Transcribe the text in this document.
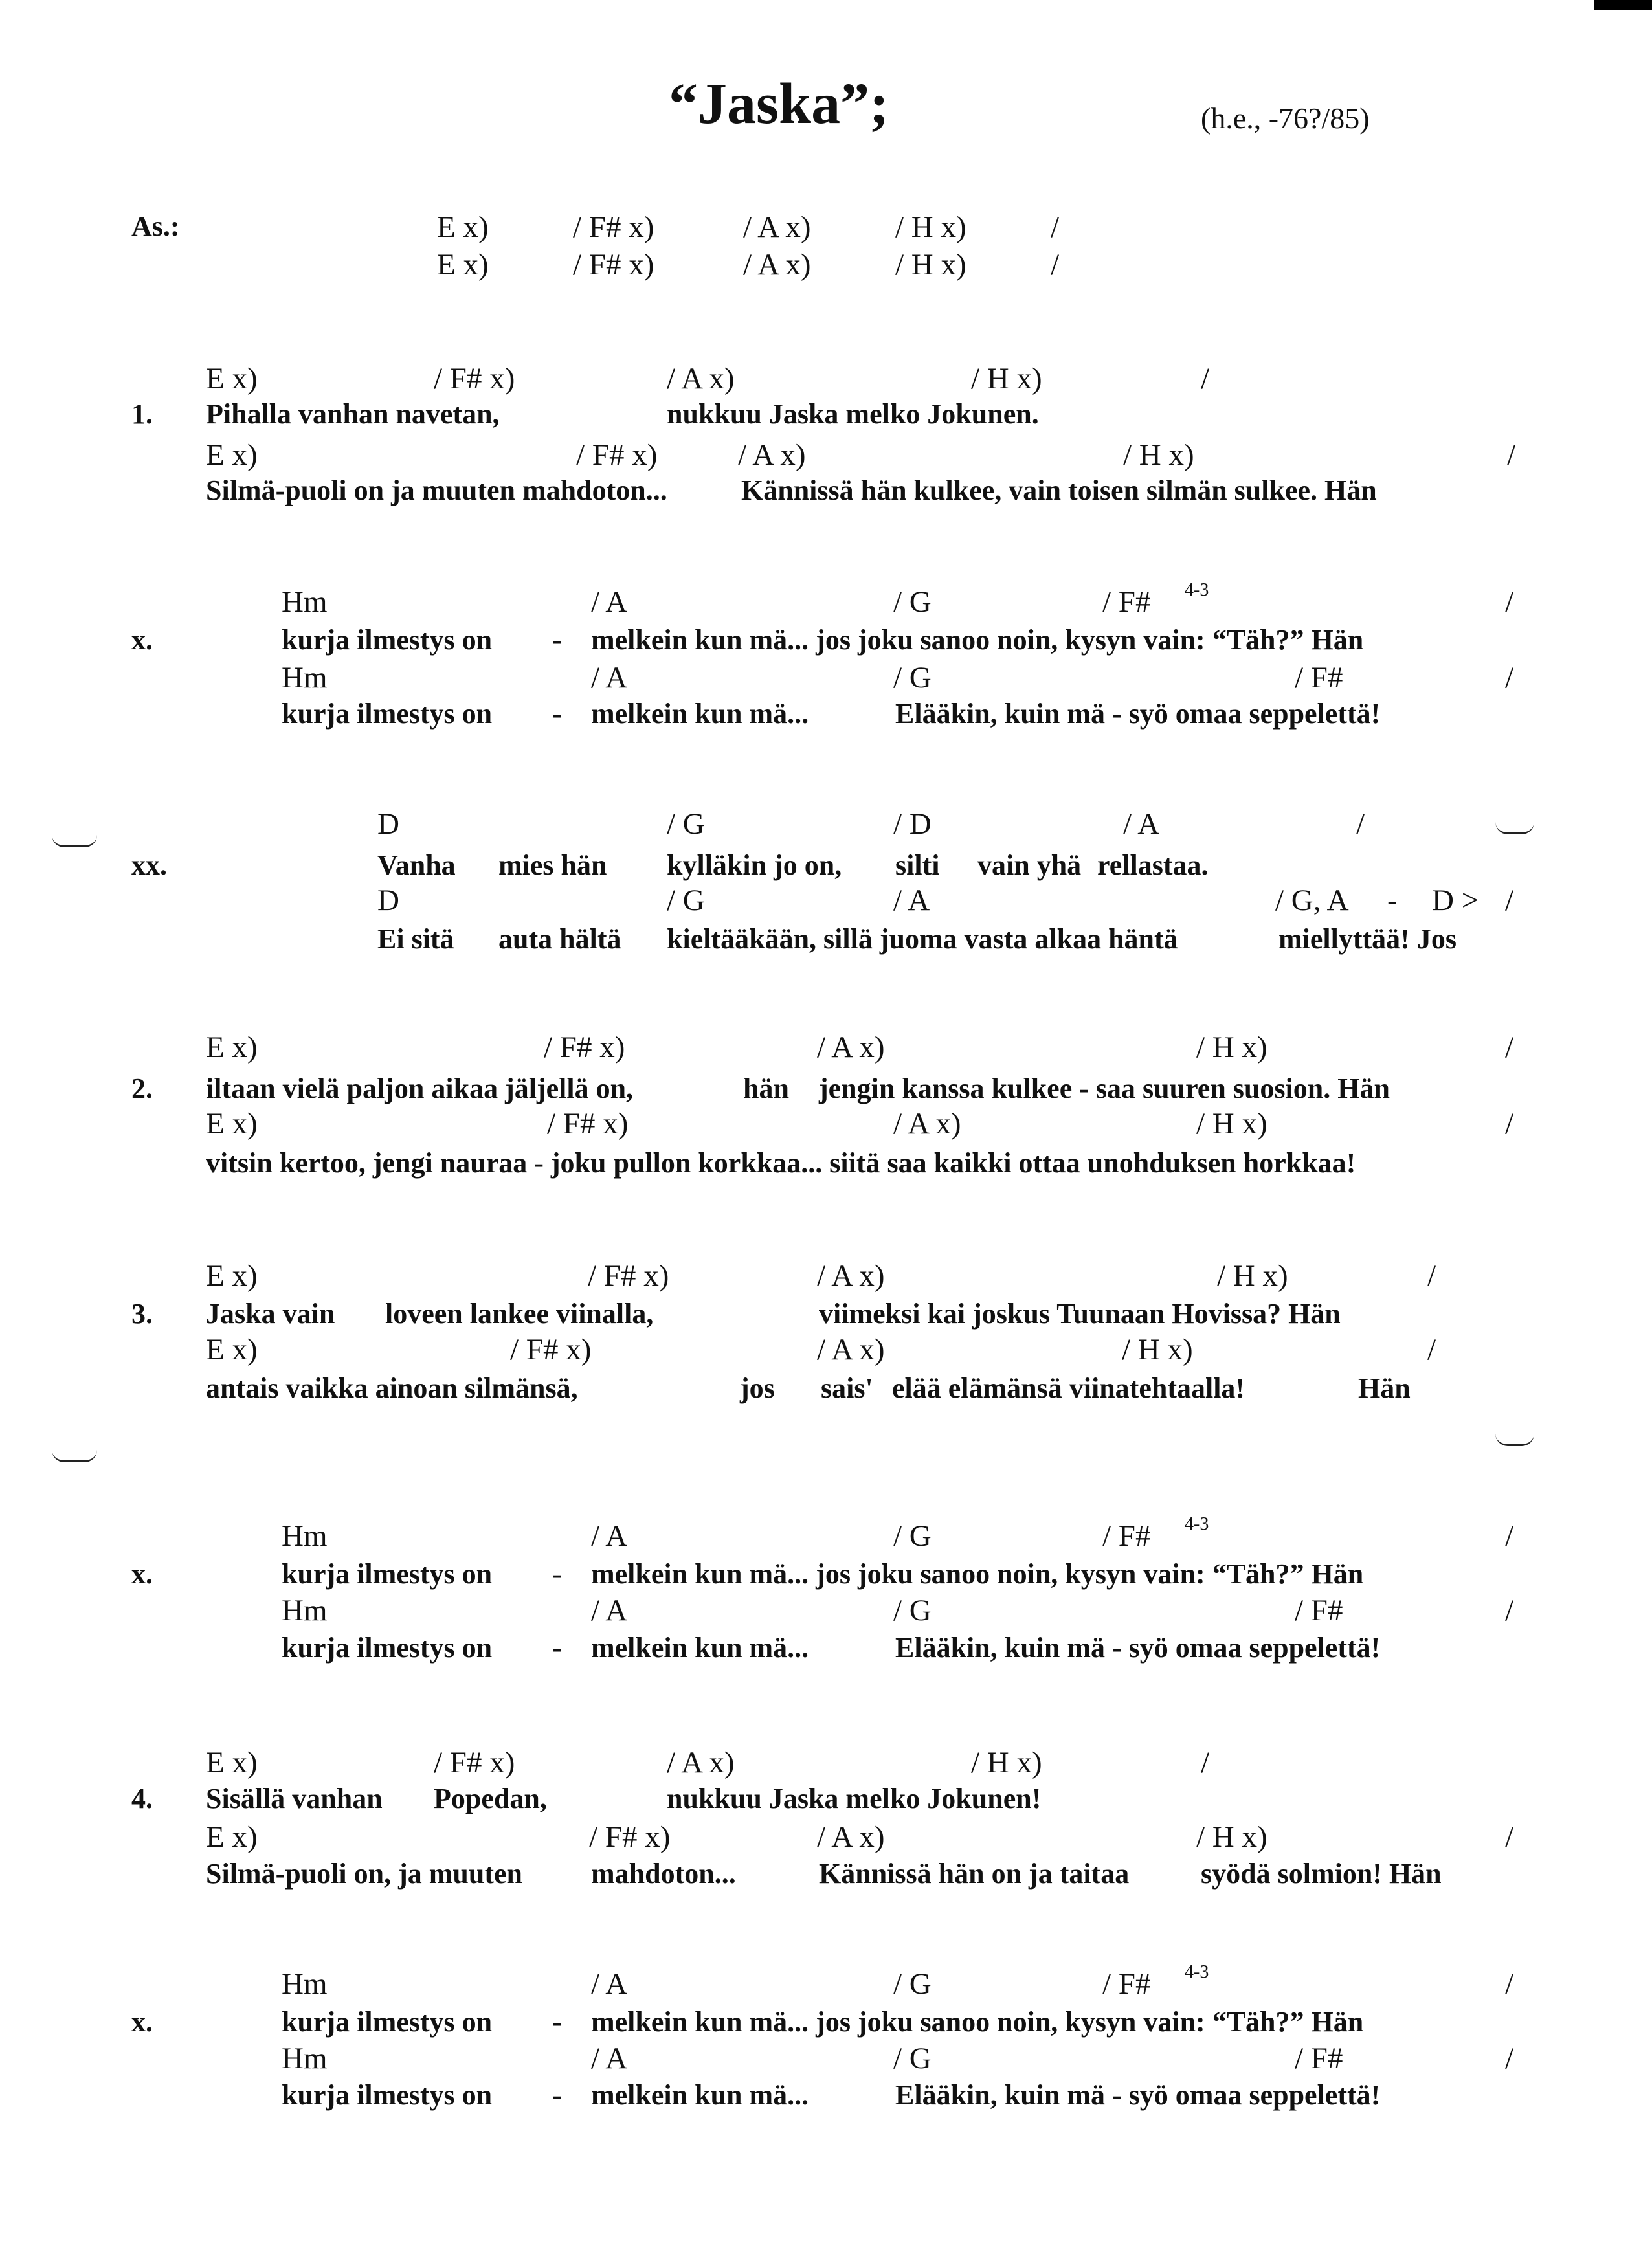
“Jaska”;	(h.e., -76?/85)
As.:	E x)	/ F# x)	/ A x)	/ H x)	/
E x)	/ F# x)	/ A x)	/ H x)	/
E x)	/ F# x)	/ A x)	/ H x)	/
1. Pihalla vanhan navetan,	nukkuu Jaska melko Jokunen.
E x)	/ F# x)	/ A x)	/ H x)	/
Silmä-puoli on ja muuten mahdoton...	Kännissä hän kulkee, vain toisen silmän sulkee. Hän
Hm	/ A	/ G	/ F# 4-3	/
x.	kurja ilmestys on - melkein kun mä... jos joku sanoo noin, kysyn vain: “Täh?” Hän
Hm	/ A	/ G	/ F#	/
kurja ilmestys on - melkein kun mä...	Elääkin, kuin mä - syö omaa seppelettä!
D	/ G	/ D	/ A	/
xx.	Vanha mies hän kylläkin jo on, silti vain yhä rellastaa.
D	/ G	/ A	/ G, A - D > /
Ei sitä auta hältä kieltääkään, sillä juoma vasta alkaa häntä	miellyttää! Jos
E x)	/ F# x)	/ A x)	/ H x)	/
2. iltaan vielä paljon aikaa jäljellä on,	hän jengin kanssa kulkee - saa suuren suosion. Hän
E x)	/ F# x)	/ A x)	/ H x)	/
vitsin kertoo, jengi nauraa - joku pullon korkkaa... siitä saa kaikki ottaa unohduksen horkkaa!
E x)	/ F# x)	/ A x)	/ H x)	/
3. Jaska vain loveen lankee viinalla,	viimeksi kai joskus Tuunaan Hovissa? Hän
E x)	/ F# x)	/ A x)	/ H x)	/
antais vaikka ainoan silmänsä,	jos sais' elää elämänsä viinatehtaalla!	Hän
Hm	/ A	/ G	/ F# 4-3	/
x.	kurja ilmestys on - melkein kun mä... jos joku sanoo noin, kysyn vain: “Täh?” Hän
Hm	/ A	/ G	/ F#	/
kurja ilmestys on - melkein kun mä...	Elääkin, kuin mä - syö omaa seppelettä!
E x)	/ F# x)	/ A x)	/ H x)	/
4. Sisällä vanhan Popedan,	nukkuu Jaska melko Jokunen!
E x)	/ F# x)	/ A x)	/ H x)	/
Silmä-puoli on, ja muuten mahdoton...	Kännissä hän on ja taitaa	syödä solmion! Hän
Hm	/ A	/ G	/ F# 4-3	/
x.	kurja ilmestys on - melkein kun mä... jos joku sanoo noin, kysyn vain: “Täh?” Hän
Hm	/ A	/ G	/ F#	/
kurja ilmestys on - melkein kun mä...	Elääkin, kuin mä - syö omaa seppelettä!
